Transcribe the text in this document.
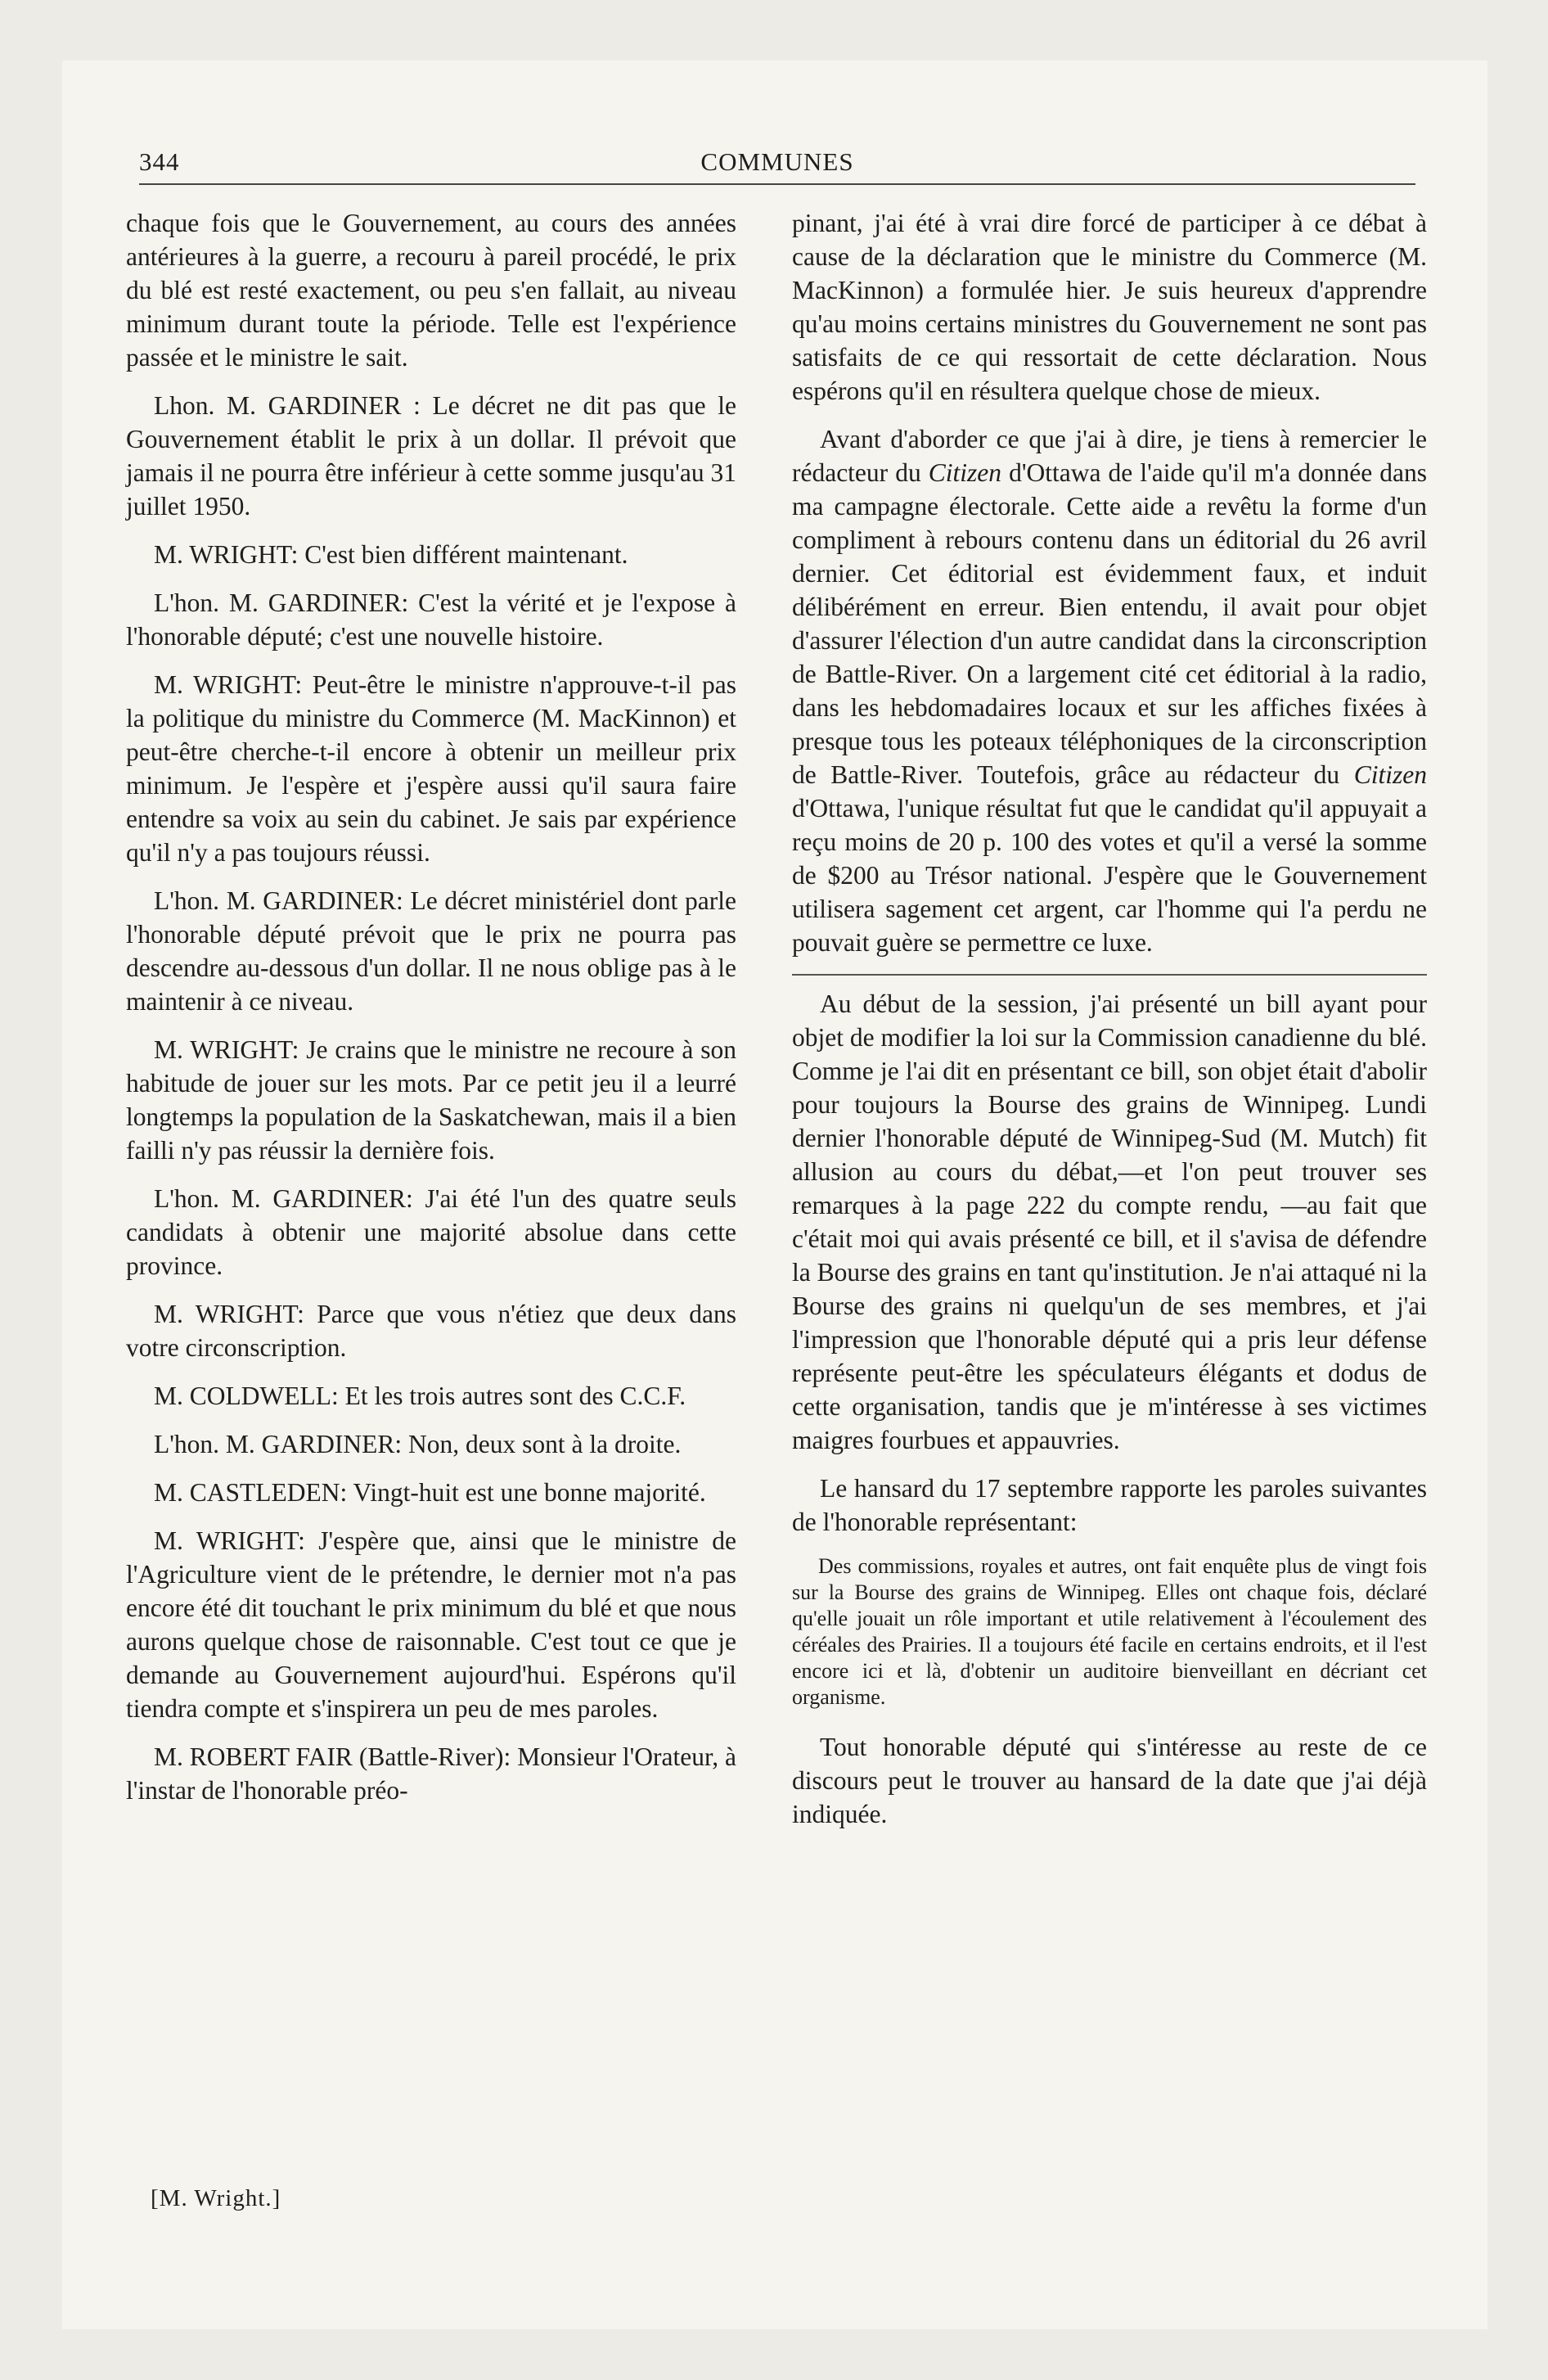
344	COMMUNES

chaque fois que le Gouvernement, au cours des années antérieures à la guerre, a recouru à pareil procédé, le prix du blé est resté exactement, ou peu s'en fallait, au niveau minimum durant toute la période. Telle est l'expérience passée et le ministre le sait.

Lhon. M. GARDINER : Le décret ne dit pas que le Gouvernement établit le prix à un dollar. Il prévoit que jamais il ne pourra être inférieur à cette somme jusqu'au 31 juillet 1950.

M. WRIGHT: C'est bien différent maintenant.

L'hon. M. GARDINER: C'est la vérité et je l'expose à l'honorable député; c'est une nouvelle histoire.

M. WRIGHT: Peut-être le ministre n'approuve-t-il pas la politique du ministre du Commerce (M. MacKinnon) et peut-être cherche-t-il encore à obtenir un meilleur prix minimum. Je l'espère et j'espère aussi qu'il saura faire entendre sa voix au sein du cabinet. Je sais par expérience qu'il n'y a pas toujours réussi.

L'hon. M. GARDINER: Le décret ministériel dont parle l'honorable député prévoit que le prix ne pourra pas descendre au-dessous d'un dollar. Il ne nous oblige pas à le maintenir à ce niveau.

M. WRIGHT: Je crains que le ministre ne recoure à son habitude de jouer sur les mots. Par ce petit jeu il a leurré longtemps la population de la Saskatchewan, mais il a bien failli n'y pas réussir la dernière fois.

L'hon. M. GARDINER: J'ai été l'un des quatre seuls candidats à obtenir une majorité absolue dans cette province.

M. WRIGHT: Parce que vous n'étiez que deux dans votre circonscription.

M. COLDWELL: Et les trois autres sont des C.C.F.

L'hon. M. GARDINER: Non, deux sont à la droite.

M. CASTLEDEN: Vingt-huit est une bonne majorité.

M. WRIGHT: J'espère que, ainsi que le ministre de l'Agriculture vient de le prétendre, le dernier mot n'a pas encore été dit touchant le prix minimum du blé et que nous aurons quelque chose de raisonnable. C'est tout ce que je demande au Gouvernement aujourd'hui. Espérons qu'il tiendra compte et s'inspirera un peu de mes paroles.

M. ROBERT FAIR (Battle-River): Monsieur l'Orateur, à l'instar de l'honorable préo-

pinant, j'ai été à vrai dire forcé de participer à ce débat à cause de la déclaration que le ministre du Commerce (M. MacKinnon) a formulée hier. Je suis heureux d'apprendre qu'au moins certains ministres du Gouvernement ne sont pas satisfaits de ce qui ressortait de cette déclaration. Nous espérons qu'il en résultera quelque chose de mieux.

Avant d'aborder ce que j'ai à dire, je tiens à remercier le rédacteur du Citizen d'Ottawa de l'aide qu'il m'a donnée dans ma campagne électorale. Cette aide a revêtu la forme d'un compliment à rebours contenu dans un éditorial du 26 avril dernier. Cet éditorial est évidemment faux, et induit délibérément en erreur. Bien entendu, il avait pour objet d'assurer l'élection d'un autre candidat dans la circonscription de Battle-River. On a largement cité cet éditorial à la radio, dans les hebdomadaires locaux et sur les affiches fixées à presque tous les poteaux téléphoniques de la circonscription de Battle-River. Toutefois, grâce au rédacteur du Citizen d'Ottawa, l'unique résultat fut que le candidat qu'il appuyait a reçu moins de 20 p. 100 des votes et qu'il a versé la somme de $200 au Trésor national. J'espère que le Gouvernement utilisera sagement cet argent, car l'homme qui l'a perdu ne pouvait guère se permettre ce luxe.

Au début de la session, j'ai présenté un bill ayant pour objet de modifier la loi sur la Commission canadienne du blé. Comme je l'ai dit en présentant ce bill, son objet était d'abolir pour toujours la Bourse des grains de Winnipeg. Lundi dernier l'honorable député de Winnipeg-Sud (M. Mutch) fit allusion au cours du débat,—et l'on peut trouver ses remarques à la page 222 du compte rendu, —au fait que c'était moi qui avais présenté ce bill, et il s'avisa de défendre la Bourse des grains en tant qu'institution. Je n'ai attaqué ni la Bourse des grains ni quelqu'un de ses membres, et j'ai l'impression que l'honorable député qui a pris leur défense représente peut-être les spéculateurs élégants et dodus de cette organisation, tandis que je m'intéresse à ses victimes maigres fourbues et appauvries.

Le hansard du 17 septembre rapporte les paroles suivantes de l'honorable représentant:

Des commissions, royales et autres, ont fait enquête plus de vingt fois sur la Bourse des grains de Winnipeg. Elles ont chaque fois, déclaré qu'elle jouait un rôle important et utile relativement à l'écoulement des céréales des Prairies. Il a toujours été facile en certains endroits, et il l'est encore ici et là, d'obtenir un auditoire bienveillant en décriant cet organisme.

Tout honorable député qui s'intéresse au reste de ce discours peut le trouver au hansard de la date que j'ai déjà indiquée.

[M. Wright.]
